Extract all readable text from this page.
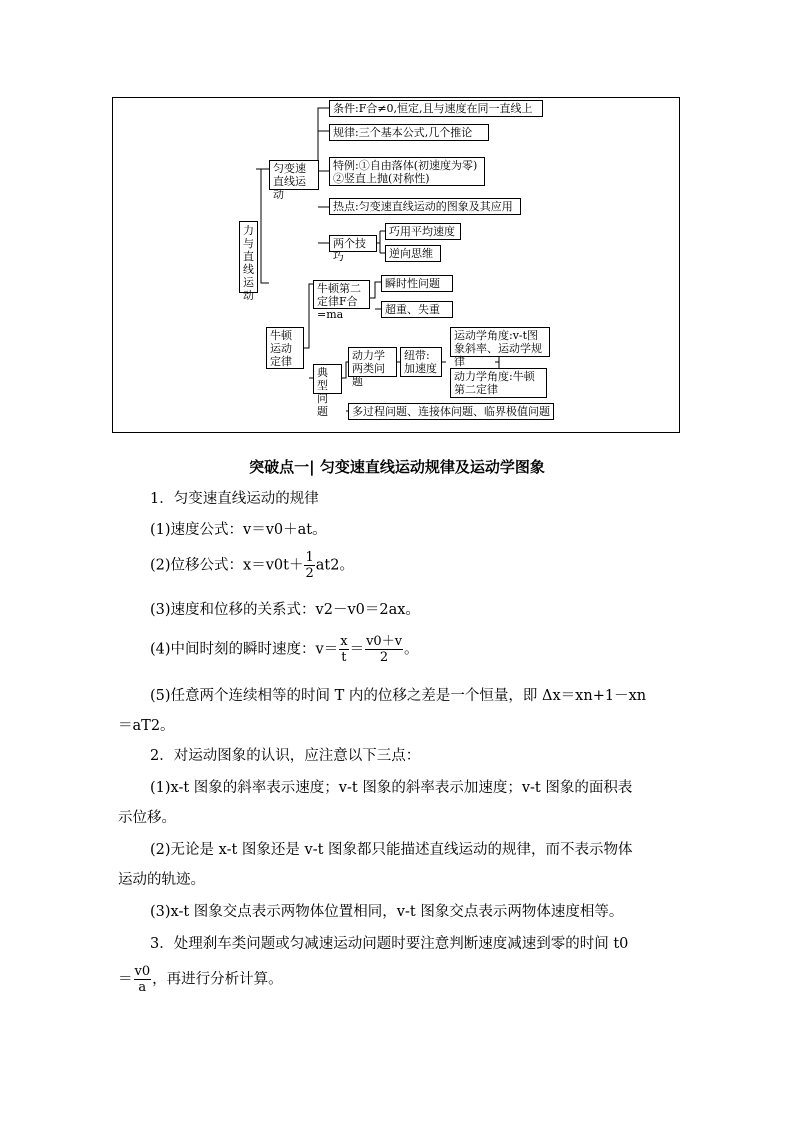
力与直线运动
匀变速直线运动
条件:F合≠0,恒定,且与速度在同一直线上
规律:三个基本公式,几个推论
特例:①自由落体(初速度为零)
②竖直上抛(对称性)
热点:匀变速直线运动的图象及其应用
两个技巧
巧用平均速度
逆向思维
牛顿运动定律
牛顿第二定律F合=ma
瞬时性问题
超重、失重
典型问题
动力学两类问题
纽带:加速度
运动学角度:v-t图象斜率、运动学规律
动力学角度:牛顿第二定律
多过程问题、连接体问题、临界极值问题
突破点一| 匀变速直线运动规律及运动学图象
1．匀变速直线运动的规律
(1)速度公式：v＝v0＋at。
(2)位移公式：$x=v0t+ \frac{1}{2} at2$。
(3)速度和位移的关系式：v2－v0＝2ax。
(4)中间时刻的瞬时速度：$v= \frac{x}{t} = \frac{v0+v}{2}$ 。
(5)任意两个连续相等的时间 T 内的位移之差是一个恒量，即 Δx＝xn+1－xn
＝aT2。
2．对运动图象的认识，应注意以下三点：
(1)x-t 图象的斜率表示速度；v-t 图象的斜率表示加速度；v-t 图象的面积表
示位移。
(2)无论是 x-t 图象还是 v-t 图象都只能描述直线运动的规律，而不表示物体
运动的轨迹。
(3)x-t 图象交点表示两物体位置相同，v-t 图象交点表示两物体速度相等。
3．处理刹车类问题或匀减速运动问题时要注意判断速度减速到零的时间 t0
＝ $\frac{v0}{a}$ ，再进行分析计算。
